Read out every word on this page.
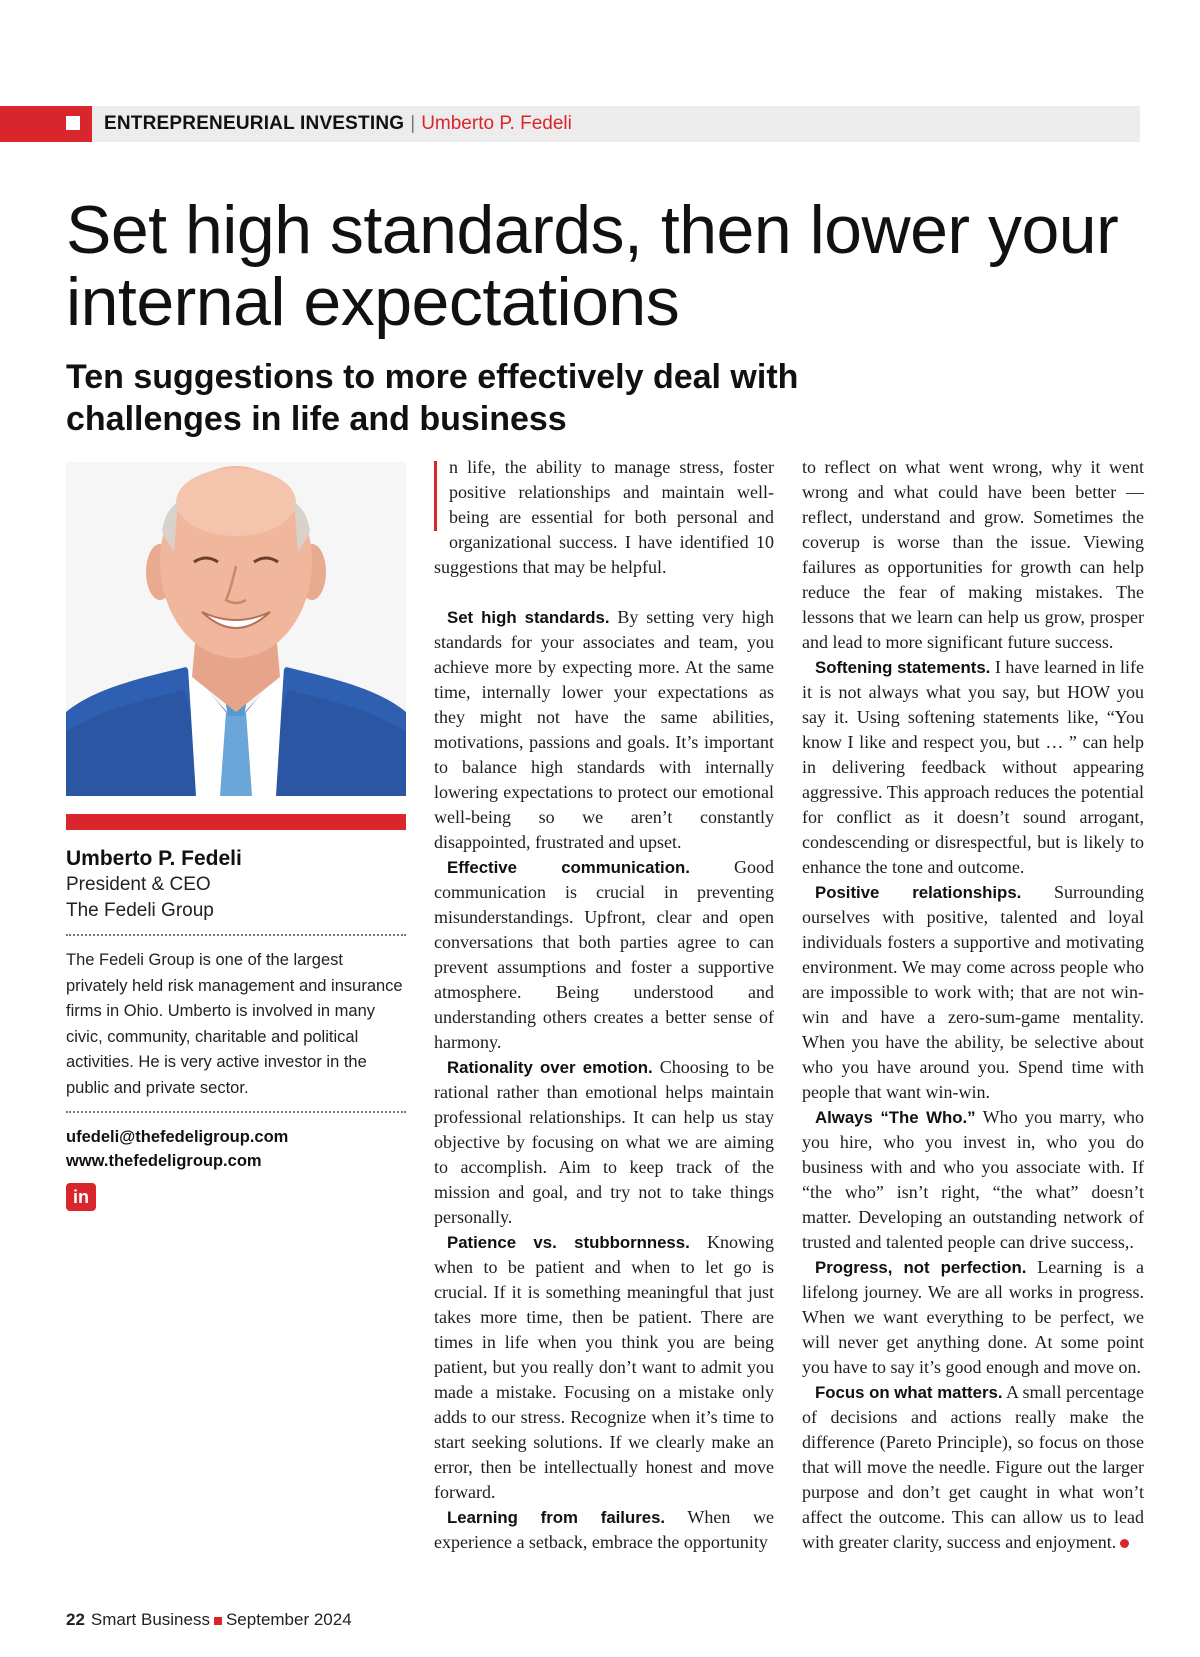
ENTREPRENEURIAL INVESTING | Umberto P. Fedeli
Set high standards, then lower your internal expectations
Ten suggestions to more effectively deal with challenges in life and business
Umberto P. Fedeli
President & CEO
The Fedeli Group

The Fedeli Group is one of the largest privately held risk management and insurance firms in Ohio. Umberto is involved in many civic, community, charitable and political activities. He is very active investor in the public and private sector.

ufedeli@thefedeligroup.com
www.thefedeligroup.com
in

n life, the ability to manage stress, foster positive relationships and maintain well-being are essential for both personal and organizational success. I have identified 10 suggestions that may be helpful.

Set high standards. By setting very high standards for your associates and team, you achieve more by expecting more. At the same time, internally lower your expectations as they might not have the same abilities, motivations, passions and goals. It’s important to balance high standards with internally lowering expectations to protect our emotional well-being so we aren’t constantly disappointed, frustrated and upset.

Effective communication. Good communication is crucial in preventing misunderstandings. Upfront, clear and open conversations that both parties agree to can prevent assumptions and foster a supportive atmosphere. Being understood and understanding others creates a better sense of harmony.

Rationality over emotion. Choosing to be rational rather than emotional helps maintain professional relationships. It can help us stay objective by focusing on what we are aiming to accomplish. Aim to keep track of the mission and goal, and try not to take things personally.

Patience vs. stubbornness. Knowing when to be patient and when to let go is crucial. If it is something meaningful that just takes more time, then be patient. There are times in life when you think you are being patient, but you really don’t want to admit you made a mistake. Focusing on a mistake only adds to our stress. Recognize when it’s time to start seeking solutions. If we clearly make an error, then be intellectually honest and move forward.

Learning from failures. When we experience a setback, embrace the opportunity

to reflect on what went wrong, why it went wrong and what could have been better — reflect, understand and grow. Sometimes the coverup is worse than the issue. Viewing failures as opportunities for growth can help reduce the fear of making mistakes. The lessons that we learn can help us grow, prosper and lead to more significant future success.

Softening statements. I have learned in life it is not always what you say, but HOW you say it. Using softening statements like, “You know I like and respect you, but … ” can help in delivering feedback without appearing aggressive. This approach reduces the potential for conflict as it doesn’t sound arrogant, condescending or disrespectful, but is likely to enhance the tone and outcome.

Positive relationships. Surrounding ourselves with positive, talented and loyal individuals fosters a supportive and motivating environment. We may come across people who are impossible to work with; that are not win-win and have a zero-sum-game mentality. When you have the ability, be selective about who you have around you. Spend time with people that want win-win.

Always “The Who.” Who you marry, who you hire, who you invest in, who you do business with and who you associate with. If “the who” isn’t right, “the what” doesn’t matter. Developing an outstanding network of trusted and talented people can drive success,.

Progress, not perfection. Learning is a lifelong journey. We are all works in progress. When we want everything to be perfect, we will never get anything done. At some point you have to say it’s good enough and move on.

Focus on what matters. A small percentage of decisions and actions really make the difference (Pareto Principle), so focus on those that will move the needle. Figure out the larger purpose and don’t get caught in what won’t affect the outcome. This can allow us to lead with greater clarity, success and enjoyment.

22 Smart Business September 2024
